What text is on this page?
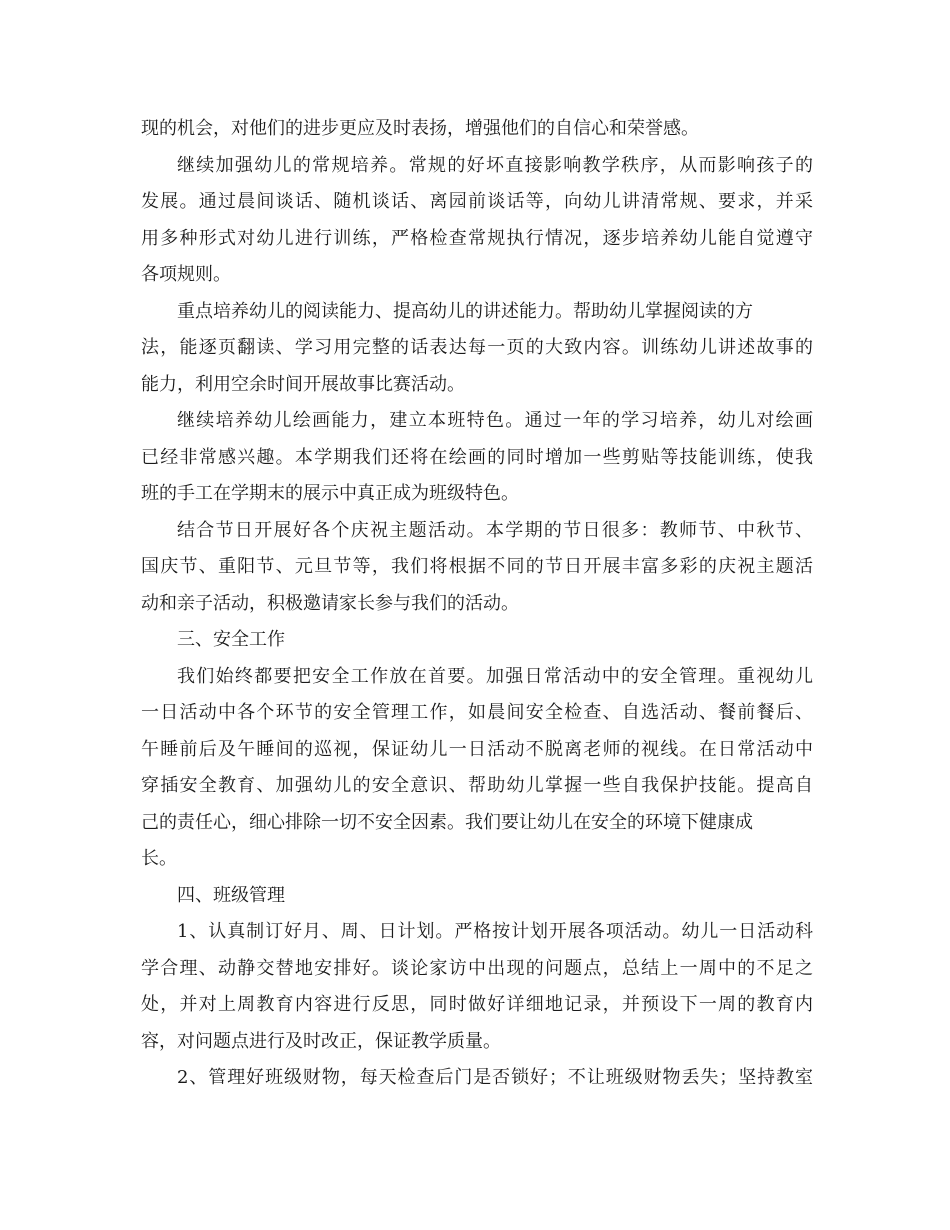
现的机会，对他们的进步更应及时表扬，增强他们的自信心和荣誉感。
继续加强幼儿的常规培养。常规的好坏直接影响教学秩序，从而影响孩子的
发展。通过晨间谈话、随机谈话、离园前谈话等，向幼儿讲清常规、要求，并采
用多种形式对幼儿进行训练，严格检查常规执行情况，逐步培养幼儿能自觉遵守
各项规则。
重点培养幼儿的阅读能力、提高幼儿的讲述能力。帮助幼儿掌握阅读的方
法，能逐页翻读、学习用完整的话表达每一页的大致内容。训练幼儿讲述故事的
能力，利用空余时间开展故事比赛活动。
继续培养幼儿绘画能力，建立本班特色。通过一年的学习培养，幼儿对绘画
已经非常感兴趣。本学期我们还将在绘画的同时增加一些剪贴等技能训练，使我
班的手工在学期末的展示中真正成为班级特色。
结合节日开展好各个庆祝主题活动。本学期的节日很多：教师节、中秋节、
国庆节、重阳节、元旦节等，我们将根据不同的节日开展丰富多彩的庆祝主题活
动和亲子活动，积极邀请家长参与我们的活动。
三、安全工作
我们始终都要把安全工作放在首要。加强日常活动中的安全管理。重视幼儿
一日活动中各个环节的安全管理工作，如晨间安全检查、自选活动、餐前餐后、
午睡前后及午睡间的巡视，保证幼儿一日活动不脱离老师的视线。在日常活动中
穿插安全教育、加强幼儿的安全意识、帮助幼儿掌握一些自我保护技能。提高自
己的责任心，细心排除一切不安全因素。我们要让幼儿在安全的环境下健康成
长。
四、班级管理
1、认真制订好月、周、日计划。严格按计划开展各项活动。幼儿一日活动科
学合理、动静交替地安排好。谈论家访中出现的问题点，总结上一周中的不足之
处，并对上周教育内容进行反思，同时做好详细地记录，并预设下一周的教育内
容，对问题点进行及时改正，保证教学质量。
2、管理好班级财物，每天检查后门是否锁好；不让班级财物丢失；坚持教室
